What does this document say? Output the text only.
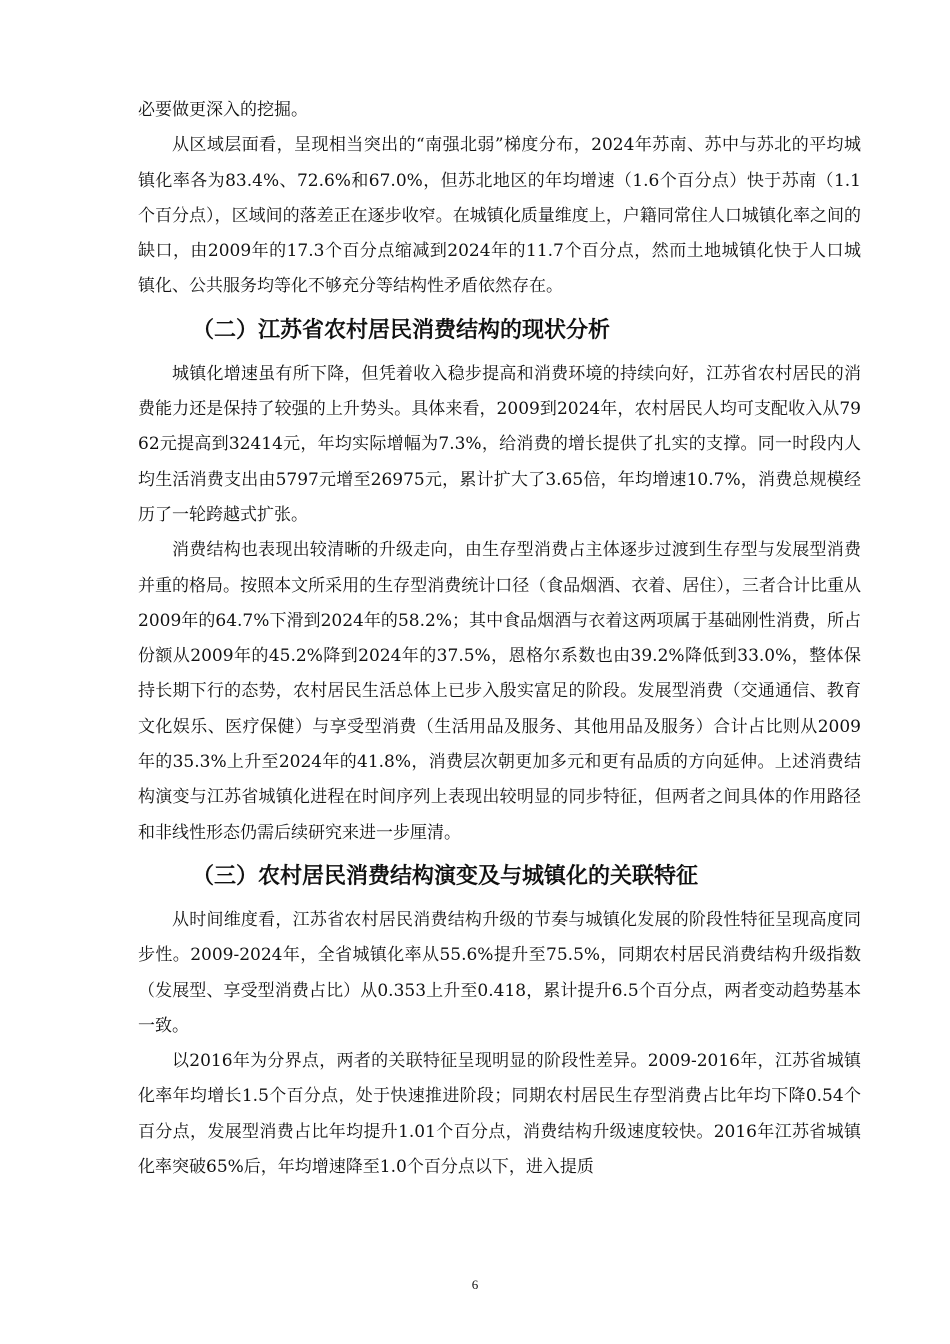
必要做更深入的挖掘。

从区域层面看，呈现相当突出的“南强北弱”梯度分布，2024年苏南、苏中与苏北的平均城镇化率各为83.4%、72.6%和67.0%，但苏北地区的年均增速（1.6个百分点）快于苏南（1.1个百分点），区域间的落差正在逐步收窄。在城镇化质量维度上，户籍同常住人口城镇化率之间的缺口，由2009年的17.3个百分点缩减到2024年的11.7个百分点，然而土地城镇化快于人口城镇化、公共服务均等化不够充分等结构性矛盾依然存在。

（二）江苏省农村居民消费结构的现状分析

城镇化增速虽有所下降，但凭着收入稳步提高和消费环境的持续向好，江苏省农村居民的消费能力还是保持了较强的上升势头。具体来看，2009到2024年，农村居民人均可支配收入从7962元提高到32414元，年均实际增幅为7.3%，给消费的增长提供了扎实的支撑。同一时段内人均生活消费支出由5797元增至26975元，累计扩大了3.65倍，年均增速10.7%，消费总规模经历了一轮跨越式扩张。

消费结构也表现出较清晰的升级走向，由生存型消费占主体逐步过渡到生存型与发展型消费并重的格局。按照本文所采用的生存型消费统计口径（食品烟酒、衣着、居住），三者合计比重从2009年的64.7%下滑到2024年的58.2%；其中食品烟酒与衣着这两项属于基础刚性消费，所占份额从2009年的45.2%降到2024年的37.5%，恩格尔系数也由39.2%降低到33.0%，整体保持长期下行的态势，农村居民生活总体上已步入殷实富足的阶段。发展型消费（交通通信、教育文化娱乐、医疗保健）与享受型消费（生活用品及服务、其他用品及服务）合计占比则从2009年的35.3%上升至2024年的41.8%，消费层次朝更加多元和更有品质的方向延伸。上述消费结构演变与江苏省城镇化进程在时间序列上表现出较明显的同步特征，但两者之间具体的作用路径和非线性形态仍需后续研究来进一步厘清。

（三）农村居民消费结构演变及与城镇化的关联特征

从时间维度看，江苏省农村居民消费结构升级的节奏与城镇化发展的阶段性特征呈现高度同步性。2009-2024年，全省城镇化率从55.6%提升至75.5%，同期农村居民消费结构升级指数（发展型、享受型消费占比）从0.353上升至0.418，累计提升6.5个百分点，两者变动趋势基本一致。

以2016年为分界点，两者的关联特征呈现明显的阶段性差异。2009-2016年，江苏省城镇化率年均增长1.5个百分点，处于快速推进阶段；同期农村居民生存型消费占比年均下降0.54个百分点，发展型消费占比年均提升1.01个百分点，消费结构升级速度较快。2016年江苏省城镇化率突破65%后，年均增速降至1.0个百分点以下，进入提质

6
